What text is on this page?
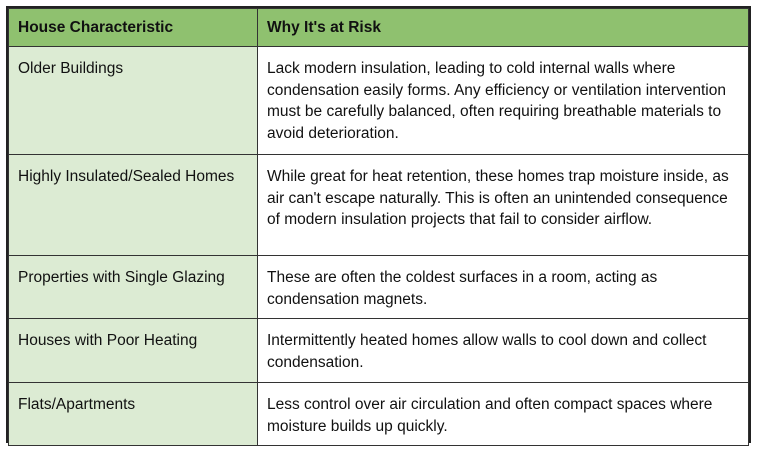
House Characteristic	Why It's at Risk

Older Buildings	Lack modern insulation, leading to cold internal walls where condensation easily forms. Any efficiency or ventilation intervention must be carefully balanced, often requiring breathable materials to avoid deterioration.

Highly Insulated/Sealed Homes	While great for heat retention, these homes trap moisture inside, as air can't escape naturally. This is often an unintended consequence of modern insulation projects that fail to consider airflow.

Properties with Single Glazing	These are often the coldest surfaces in a room, acting as condensation magnets.

Houses with Poor Heating	Intermittently heated homes allow walls to cool down and collect condensation.

Flats/Apartments	Less control over air circulation and often compact spaces where moisture builds up quickly.
